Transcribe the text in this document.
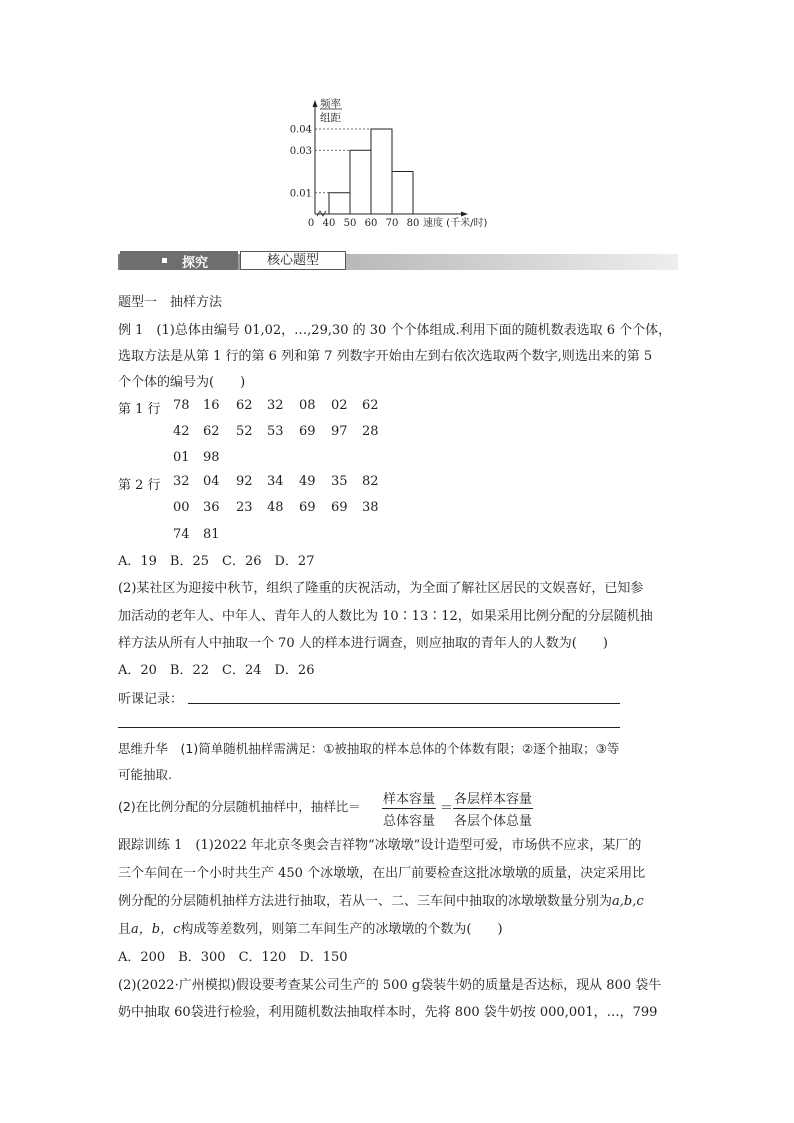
0.04
0.03
0.01
0 40 50 60 70 80 速度 (千米/时)
频率
组距
探究	核心题型
题型一　抽样方法
例 1　(1)总体由编号 01,02，…,29,30 的 30 个个体组成.利用下面的随机数表选取 6 个个体，
选取方法是从第 1 行的第 6 列和第 7 列数字开始由左到右依次选取两个数字,则选出来的第 5
个个体的编号为(　　)
第 1 行
第 2 行
78 16 62 32 08 02 62
42 62 52 53 69 97 28
01 98
32 04 92 34 49 35 82
00 36 23 48 69 69 38
74 81
A．19　B．25　C．26　D．27
(2)某社区为迎接中秋节，组织了隆重的庆祝活动，为全面了解社区居民的文娱喜好，已知参
加活动的老年人、中年人、青年人的人数比为 10∶13∶12，如果采用比例分配的分层随机抽
样方法从所有人中抽取一个 70 人的样本进行调查，则应抽取的青年人的人数为(　　)
A．20　B．22　C．24　D．26
听课记录：
思维升华　(1)简单随机抽样需满足：①被抽取的样本总体的个体数有限；②逐个抽取；③等
可能抽取.
(2)在比例分配的分层随机抽样中，抽样比＝ 样本容量
总体容量
＝
各层样本容量
各层个体总量
跟踪训练 1　(1)2022 年北京冬奥会吉祥物“冰墩墩”设计造型可爱，市场供不应求，某厂的
三个车间在一个小时共生产 450 个冰墩墩，在出厂前要检查这批冰墩墩的质量，决定采用比
例分配的分层随机抽样方法进行抽取，若从一、二、三车间中抽取的冰墩墩数量分别为a,b,c
且a，b，c构成等差数列，则第二车间生产的冰墩墩的个数为(　　)
A．200　B．300　C．120　D．150
(2)(2022·广州模拟)假设要考查某公司生产的 500 g袋装牛奶的质量是否达标，现从 800 袋牛
奶中抽取 60袋进行检验，利用随机数法抽取样本时，先将 800 袋牛奶按 000,001，…，799
